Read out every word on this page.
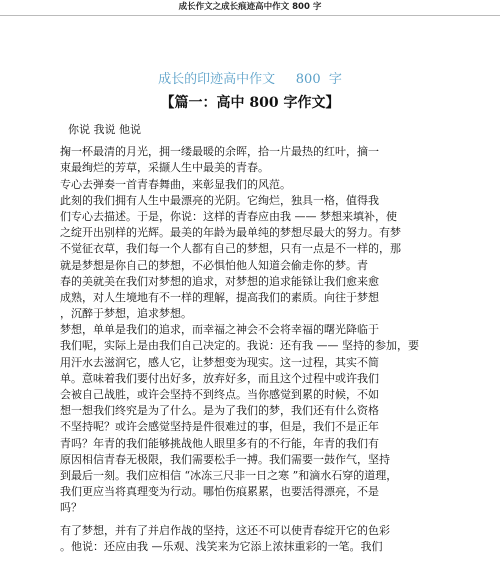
成长作文之成长痕迹高中作文 800 字
成长的印迹高中作文     800  字
【篇一：高中 800 字作文】
你说 我说 他说
掬一杯最清的月光，拥一缕最暖的余晖，拾一片最热的红叶，摘一
束最绚烂的芳草，采撷人生中最美的青春。
专心去弹奏一首青春舞曲，来彰显我们的风范。
此刻的我们拥有人生中最漂亮的光阴。它绚烂，独具一格，值得我
们专心去描述。于是，你说：这样的青春应由我 —— 梦想来填补，使
之绽开出别样的光辉。最美的年龄为最单纯的梦想尽最大的努力。有梦
不觉征衣草，我们每一个人都有自己的梦想，只有一点是不一样的，那
就是梦想是你自己的梦想，不必惧怕他人知道会偷走你的梦。青
春的美就美在我们对梦想的追求，对梦想的追求能铩让我们愈来愈
成熟，对人生境地有不一样的理解，提高我们的素质。向往于梦想
，沉醉于梦想，追求梦想。
梦想，单单是我们的追求，而幸福之神会不会将幸福的曙光降临于
我们呢，实际上是由我们自己决定的。我说：还有我 —— 坚持的参加，要
用汗水去滋润它，感人它，让梦想变为现实。这一过程，其实不简
单。意味着我们要付出好多，放弃好多，而且这个过程中或许我们
会被自己战胜，或许会坚持不到终点。当你感觉到累的时候，不如
想一想我们终究是为了什么。是为了我们的梦，我们还有什么资格
不坚持呢？或许会感觉坚持是件很难过的事，但是，我们不是正年
青吗？年青的我们能够挑战他人眼里多有的不行能，年青的我们有
原因相信青春无极限，我们需要松手一搏。我们需要一鼓作气，坚持
到最后一刻。我们应相信 “冰冻三尺非一日之寒 ”和滴水石穿的道理，
我们更应当将真理变为行动。哪怕伤痕累累，也要活得漂亮，不是
吗？
有了梦想，并有了并启作战的坚持，这还不可以使青春绽开它的色彩
。他说：还应由我 —乐观、浅笑来为它添上浓抹重彩的一笔。我们
